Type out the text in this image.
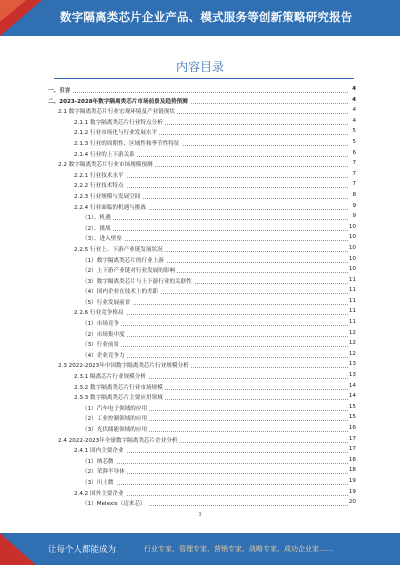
数字隔离类芯片企业产品、模式服务等创新策略研究报告
内容目录
一、引言	4
二、2023-2028年数字隔离类芯片市场前景及趋势预测	4
2.1 数字隔离类芯片行业宏观环境及产业链现状	4
2.1.1 数字隔离类芯片行业特点分析	4
2.1.2 行业市场化与行业发展水平	5
2.1.3 行业的周期性、区域性和季节性特征	5
2.1.4 行业的上下游关系	6
2.2 数字隔离类芯片行业市场规模预测	7
2.2.1 行业技术水平	7
2.2.2 行业技术特点	7
2.2.3 行业规模与发展空间	8
2.2.4 行业面临的机遇与挑战	9
（1）、机遇	9
（2）、挑战	10
（3）、进入壁垒	10
2.2.5 行业上、下游产业链发展状况	10
（1）数字隔离类芯片的行业上游	10
（2）上下游产业链对行业发展的影响	10
（3）数字隔离类芯片与上下游行业的关联性	11
（4）国内企业在技术上的差距	11
（5）行业发展前景	11
2.2.6 行业竞争格局	11
（1）市场竞争	11
（2）市场集中度	12
（3）行业前景	12
（4）企业竞争力	12
2.3 2022-2023年中国数字隔离类芯片行业规模分析	13
2.3.1 隔离芯片行业规模分析	13
2.3.2 数字隔离类芯片行业市场规模	14
2.3.3 数字隔离类芯片主要应用领域	14
（1）汽车电子领域的应用	15
（2）工业控制领域的应用	15
（3）光伏储能领域的应用	16
2.4 2022-2023年全球数字隔离类芯片企业分析	17
2.4.1 国内主要企业	17
（1）纳芯微	18
（2）荣湃半导体	18
（3）川土微	19
2.4.2 国外主要企业	19
（1）Melexis（迈来芯）	20
3
让每个人都能成为	行业专家、管理专家、营销专家、战略专家、成功企业家……
